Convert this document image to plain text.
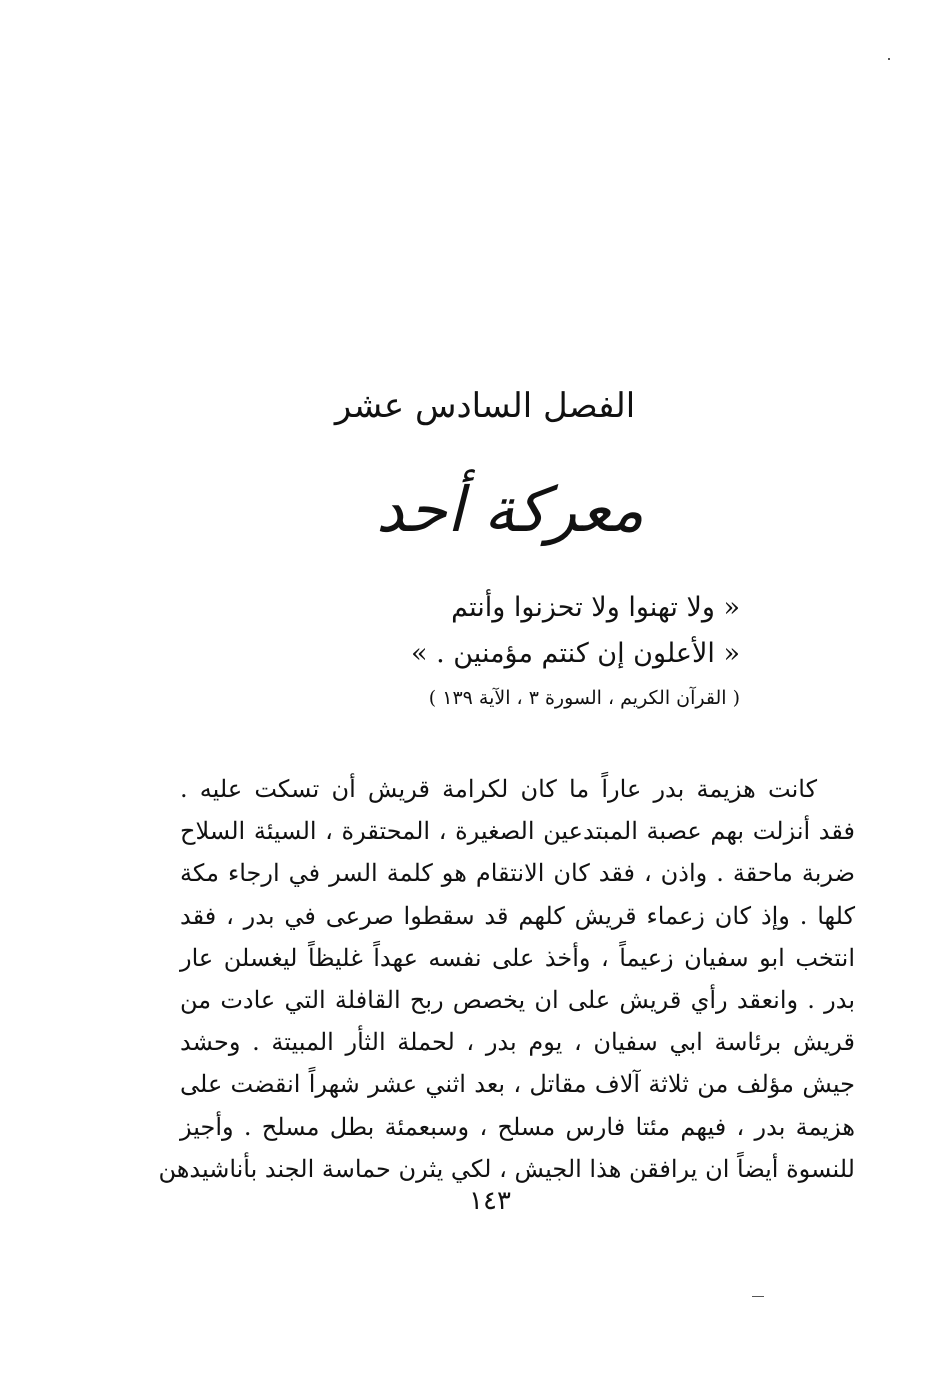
الفصل السادس عشر
معركة أحد
« ولا تهنوا ولا تحزنوا وأنتم
« الأعلون إن كنتم مؤمنين . »
( القرآن الكريم ، السورة ٣ ، الآية ١٣٩ )
كانت هزيمة بدر عاراً ما كان لكرامة قريش أن تسكت عليه .
فقد أنزلت بهم عصبة المبتدعين الصغيرة ، المحتقرة ، السيئة السلاح
ضربة ماحقة . واذن ، فقد كان الانتقام هو كلمة السر في ارجاء مكة
كلها . وإذ كان زعماء قريش كلهم قد سقطوا صرعى في بدر ، فقد
انتخب ابو سفيان زعيماً ، وأخذ على نفسه عهداً غليظاً ليغسلن عار
بدر . وانعقد رأي قريش على ان يخصص ربح القافلة التي عادت من
قريش برئاسة ابي سفيان ، يوم بدر ، لحملة الثأر المبيتة . وحشد
جيش مؤلف من ثلاثة آلاف مقاتل ، بعد اثني عشر شهراً انقضت على
هزيمة بدر ، فيهم مئتا فارس مسلح ، وسبعمئة بطل مسلح . وأجيز
للنسوة أيضاً ان يرافقن هذا الجيش ، لكي يثرن حماسة الجند بأناشيدهن
١٤٣
